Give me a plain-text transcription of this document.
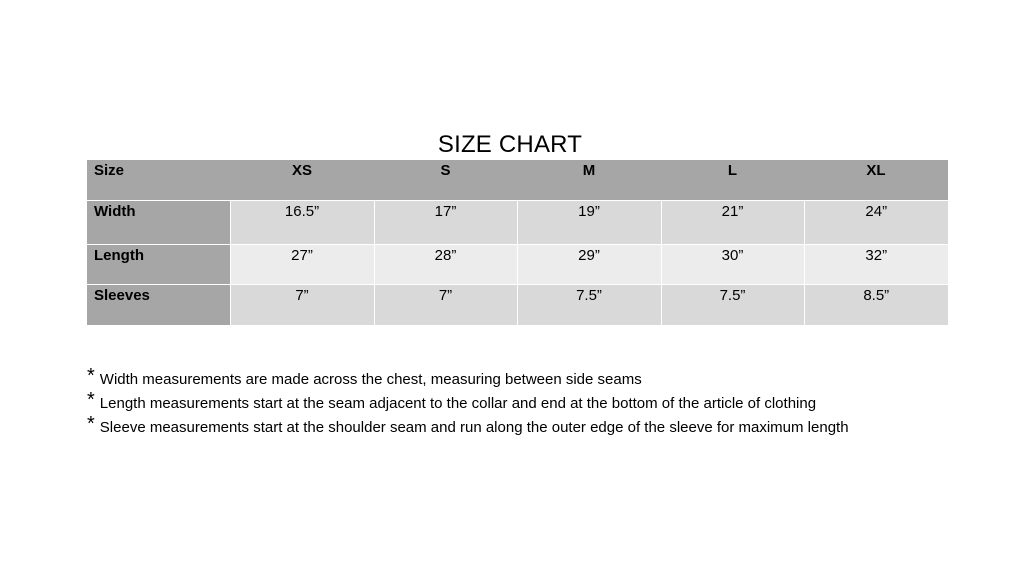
SIZE CHART
Size	XS	S	M	L	XL
Width	16.5”	17”	19”	21”	24”
Length	27”	28”	29”	30”	32”
Sleeves	7”	7”	7.5”	7.5”	8.5”
* Width measurements are made across the chest, measuring between side seams
* Length measurements start at the seam adjacent to the collar and end at the bottom of the article of clothing
* Sleeve measurements start at the shoulder seam and run along the outer edge of the sleeve for maximum length
